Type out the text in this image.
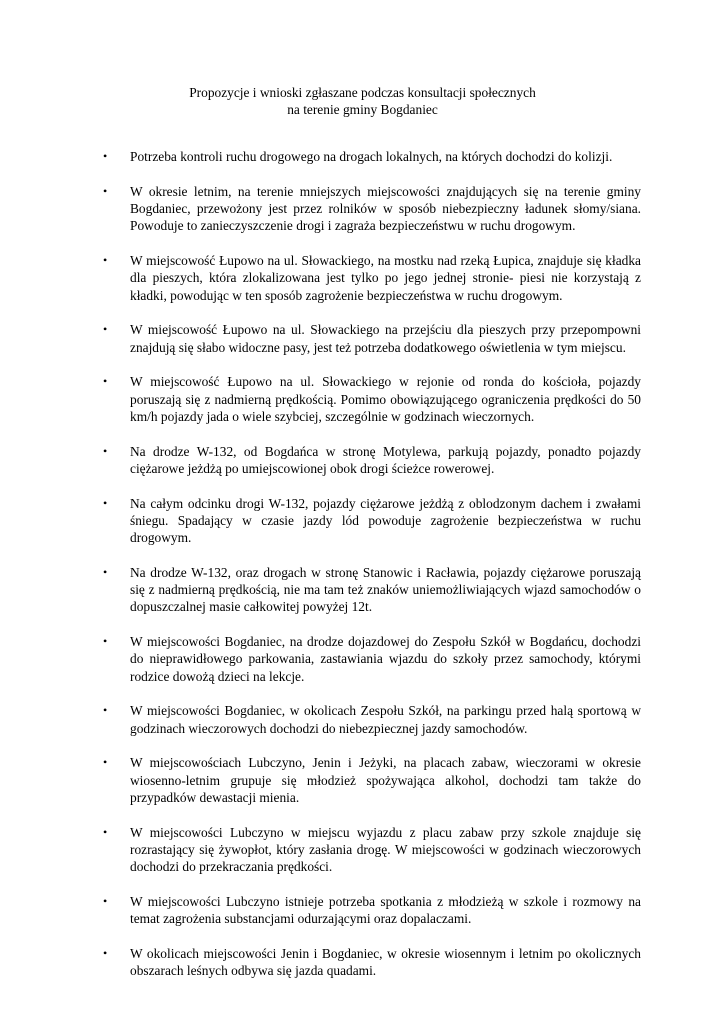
Propozycje i wnioski zgłaszane podczas konsultacji społecznych
na terenie gminy Bogdaniec
•	Potrzeba kontroli ruchu drogowego na drogach lokalnych, na których dochodzi do kolizji.
•	W okresie letnim, na terenie mniejszych miejscowości znajdujących się na terenie gminy Bogdaniec, przewożony jest przez rolników w sposób niebezpieczny ładunek słomy/siana. Powoduje to zanieczyszczenie drogi i zagraża bezpieczeństwu w ruchu drogowym.
•	W miejscowość Łupowo na ul. Słowackiego, na mostku nad rzeką Łupica, znajduje się kładka dla pieszych, która zlokalizowana jest tylko po jego jednej stronie- piesi nie korzystają z kładki, powodując w ten sposób zagrożenie bezpieczeństwa w ruchu drogowym.
•	W miejscowość Łupowo na ul. Słowackiego na przejściu dla pieszych przy przepompowni znajdują się słabo widoczne pasy, jest też potrzeba dodatkowego oświetlenia w tym miejscu.
•	W miejscowość Łupowo na ul. Słowackiego w rejonie od ronda do kościoła, pojazdy poruszają się z nadmierną prędkością. Pomimo obowiązującego ograniczenia prędkości do 50 km/h pojazdy jada o wiele szybciej, szczególnie w godzinach wieczornych.
•	Na drodze W-132, od Bogdańca w stronę Motylewa, parkują pojazdy, ponadto pojazdy ciężarowe jeżdżą po umiejscowionej obok drogi ścieżce rowerowej.
•	Na całym odcinku drogi W-132, pojazdy ciężarowe jeżdżą z oblodzonym dachem i zwałami śniegu. Spadający w czasie jazdy lód powoduje zagrożenie bezpieczeństwa w ruchu drogowym.
•	Na drodze W-132, oraz drogach w stronę Stanowic i Racławia, pojazdy ciężarowe poruszają się z nadmierną prędkością, nie ma tam też znaków uniemożliwiających wjazd samochodów o dopuszczalnej masie całkowitej powyżej 12t.
•	W miejscowości Bogdaniec, na drodze dojazdowej do Zespołu Szkół w Bogdańcu, dochodzi do nieprawidłowego parkowania, zastawiania wjazdu do szkoły przez samochody, którymi rodzice dowożą dzieci na lekcje.
•	W miejscowości Bogdaniec, w okolicach Zespołu Szkół, na parkingu przed halą sportową w godzinach wieczorowych dochodzi do niebezpiecznej jazdy samochodów.
•	W miejscowościach Lubczyno, Jenin i Jeżyki, na placach zabaw, wieczorami w okresie wiosenno-letnim grupuje się młodzież spożywająca alkohol, dochodzi tam także do przypadków dewastacji mienia.
•	W miejscowości Lubczyno w miejscu wyjazdu z placu zabaw przy szkole znajduje się rozrastający się żywopłot, który zasłania drogę. W miejscowości w godzinach wieczorowych dochodzi do przekraczania prędkości.
•	W miejscowości Lubczyno istnieje potrzeba spotkania z młodzieżą w szkole i rozmowy na temat zagrożenia substancjami odurzającymi oraz dopalaczami.
•	W okolicach miejscowości Jenin i Bogdaniec, w okresie wiosennym i letnim po okolicznych obszarach leśnych odbywa się jazda quadami.
